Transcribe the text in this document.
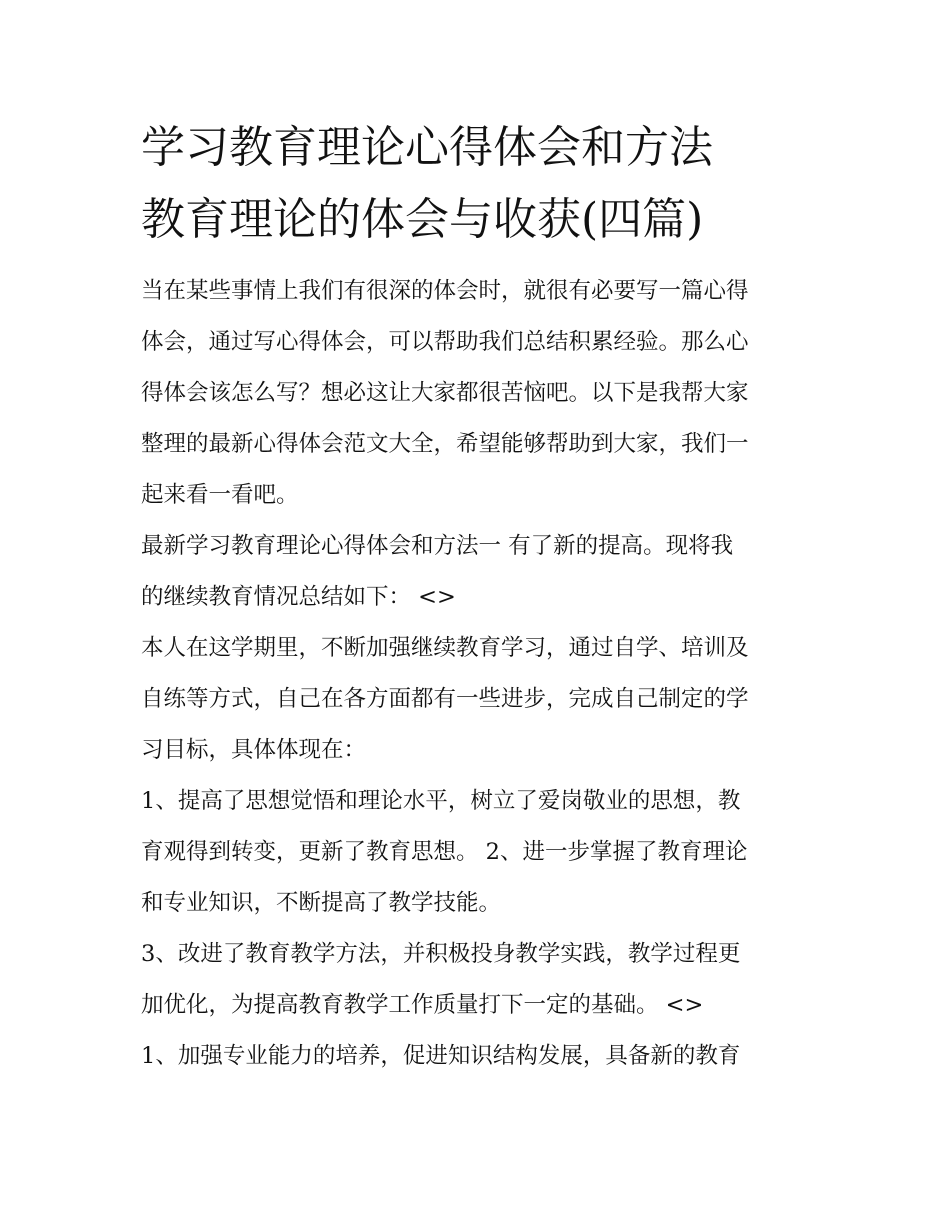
学习教育理论心得体会和方法
教育理论的体会与收获(四篇)

当在某些事情上我们有很深的体会时，就很有必要写一篇心得
体会，通过写心得体会，可以帮助我们总结积累经验。那么心
得体会该怎么写？想必这让大家都很苦恼吧。以下是我帮大家
整理的最新心得体会范文大全，希望能够帮助到大家，我们一
起来看一看吧。

最新学习教育理论心得体会和方法一 有了新的提高。现将我
的继续教育情况总结如下： <>

本人在这学期里，不断加强继续教育学习，通过自学、培训及
自练等方式，自己在各方面都有一些进步，完成自己制定的学
习目标，具体体现在：

1、提高了思想觉悟和理论水平，树立了爱岗敬业的思想，教
育观得到转变，更新了教育思想。 2、进一步掌握了教育理论
和专业知识，不断提高了教学技能。

3、改进了教育教学方法，并积极投身教学实践，教学过程更
加优化，为提高教育教学工作质量打下一定的基础。 <>

1、加强专业能力的培养，促进知识结构发展，具备新的教育
